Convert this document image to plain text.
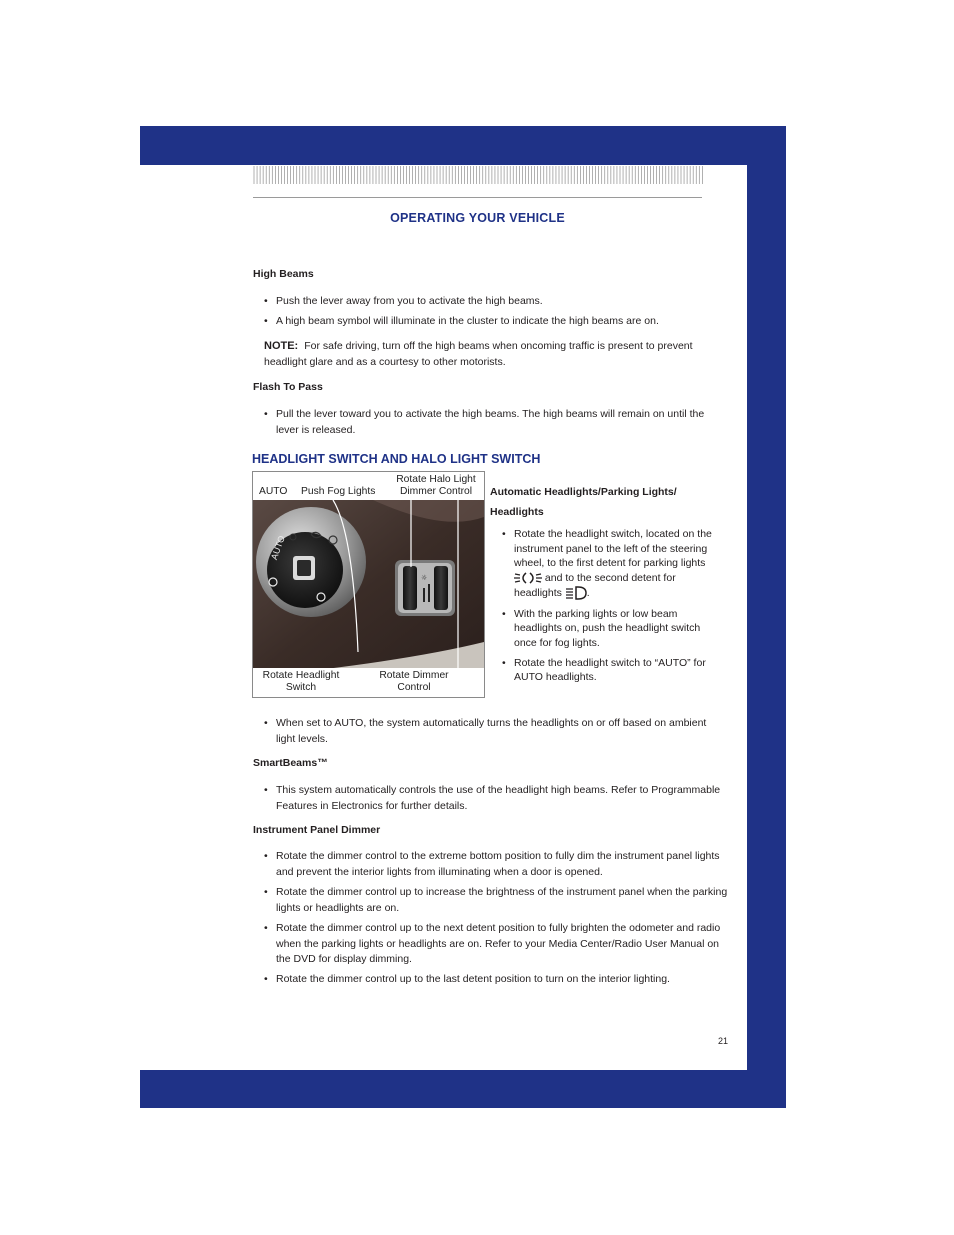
OPERATING YOUR VEHICLE
High Beams
• Push the lever away from you to activate the high beams.
• A high beam symbol will illuminate in the cluster to indicate the high beams are on.

NOTE: For safe driving, turn off the high beams when oncoming traffic is present to prevent headlight glare and as a courtesy to other motorists.

Flash To Pass
• Pull the lever toward you to activate the high beams. The high beams will remain on until the lever is released.
HEADLIGHT SWITCH AND HALO LIGHT SWITCH
AUTO
☼
AUTO Push Fog Lights
Rotate Halo Light Dimmer Control
Rotate Headlight Switch
Rotate Dimmer Control
Automatic Headlights/Parking Lights/ Headlights
• Rotate the headlight switch, located on the instrument panel to the left of the steering wheel, to the first detent for parking lights  and to the second detent for headlights .
• With the parking lights or low beam headlights on, push the headlight switch once for fog lights.
• Rotate the headlight switch to “AUTO” for AUTO headlights.
• When set to AUTO, the system automatically turns the headlights on or off based on ambient light levels.
SmartBeams™
• This system automatically controls the use of the headlight high beams. Refer to Programmable Features in Electronics for further details.
Instrument Panel Dimmer
• Rotate the dimmer control to the extreme bottom position to fully dim the instrument panel lights and prevent the interior lights from illuminating when a door is opened.
• Rotate the dimmer control up to increase the brightness of the instrument panel when the parking lights or headlights are on.
• Rotate the dimmer control up to the next detent position to fully brighten the odometer and radio when the parking lights or headlights are on. Refer to your Media Center/Radio User Manual on the DVD for display dimming.
• Rotate the dimmer control up to the last detent position to turn on the interior lighting.
21
